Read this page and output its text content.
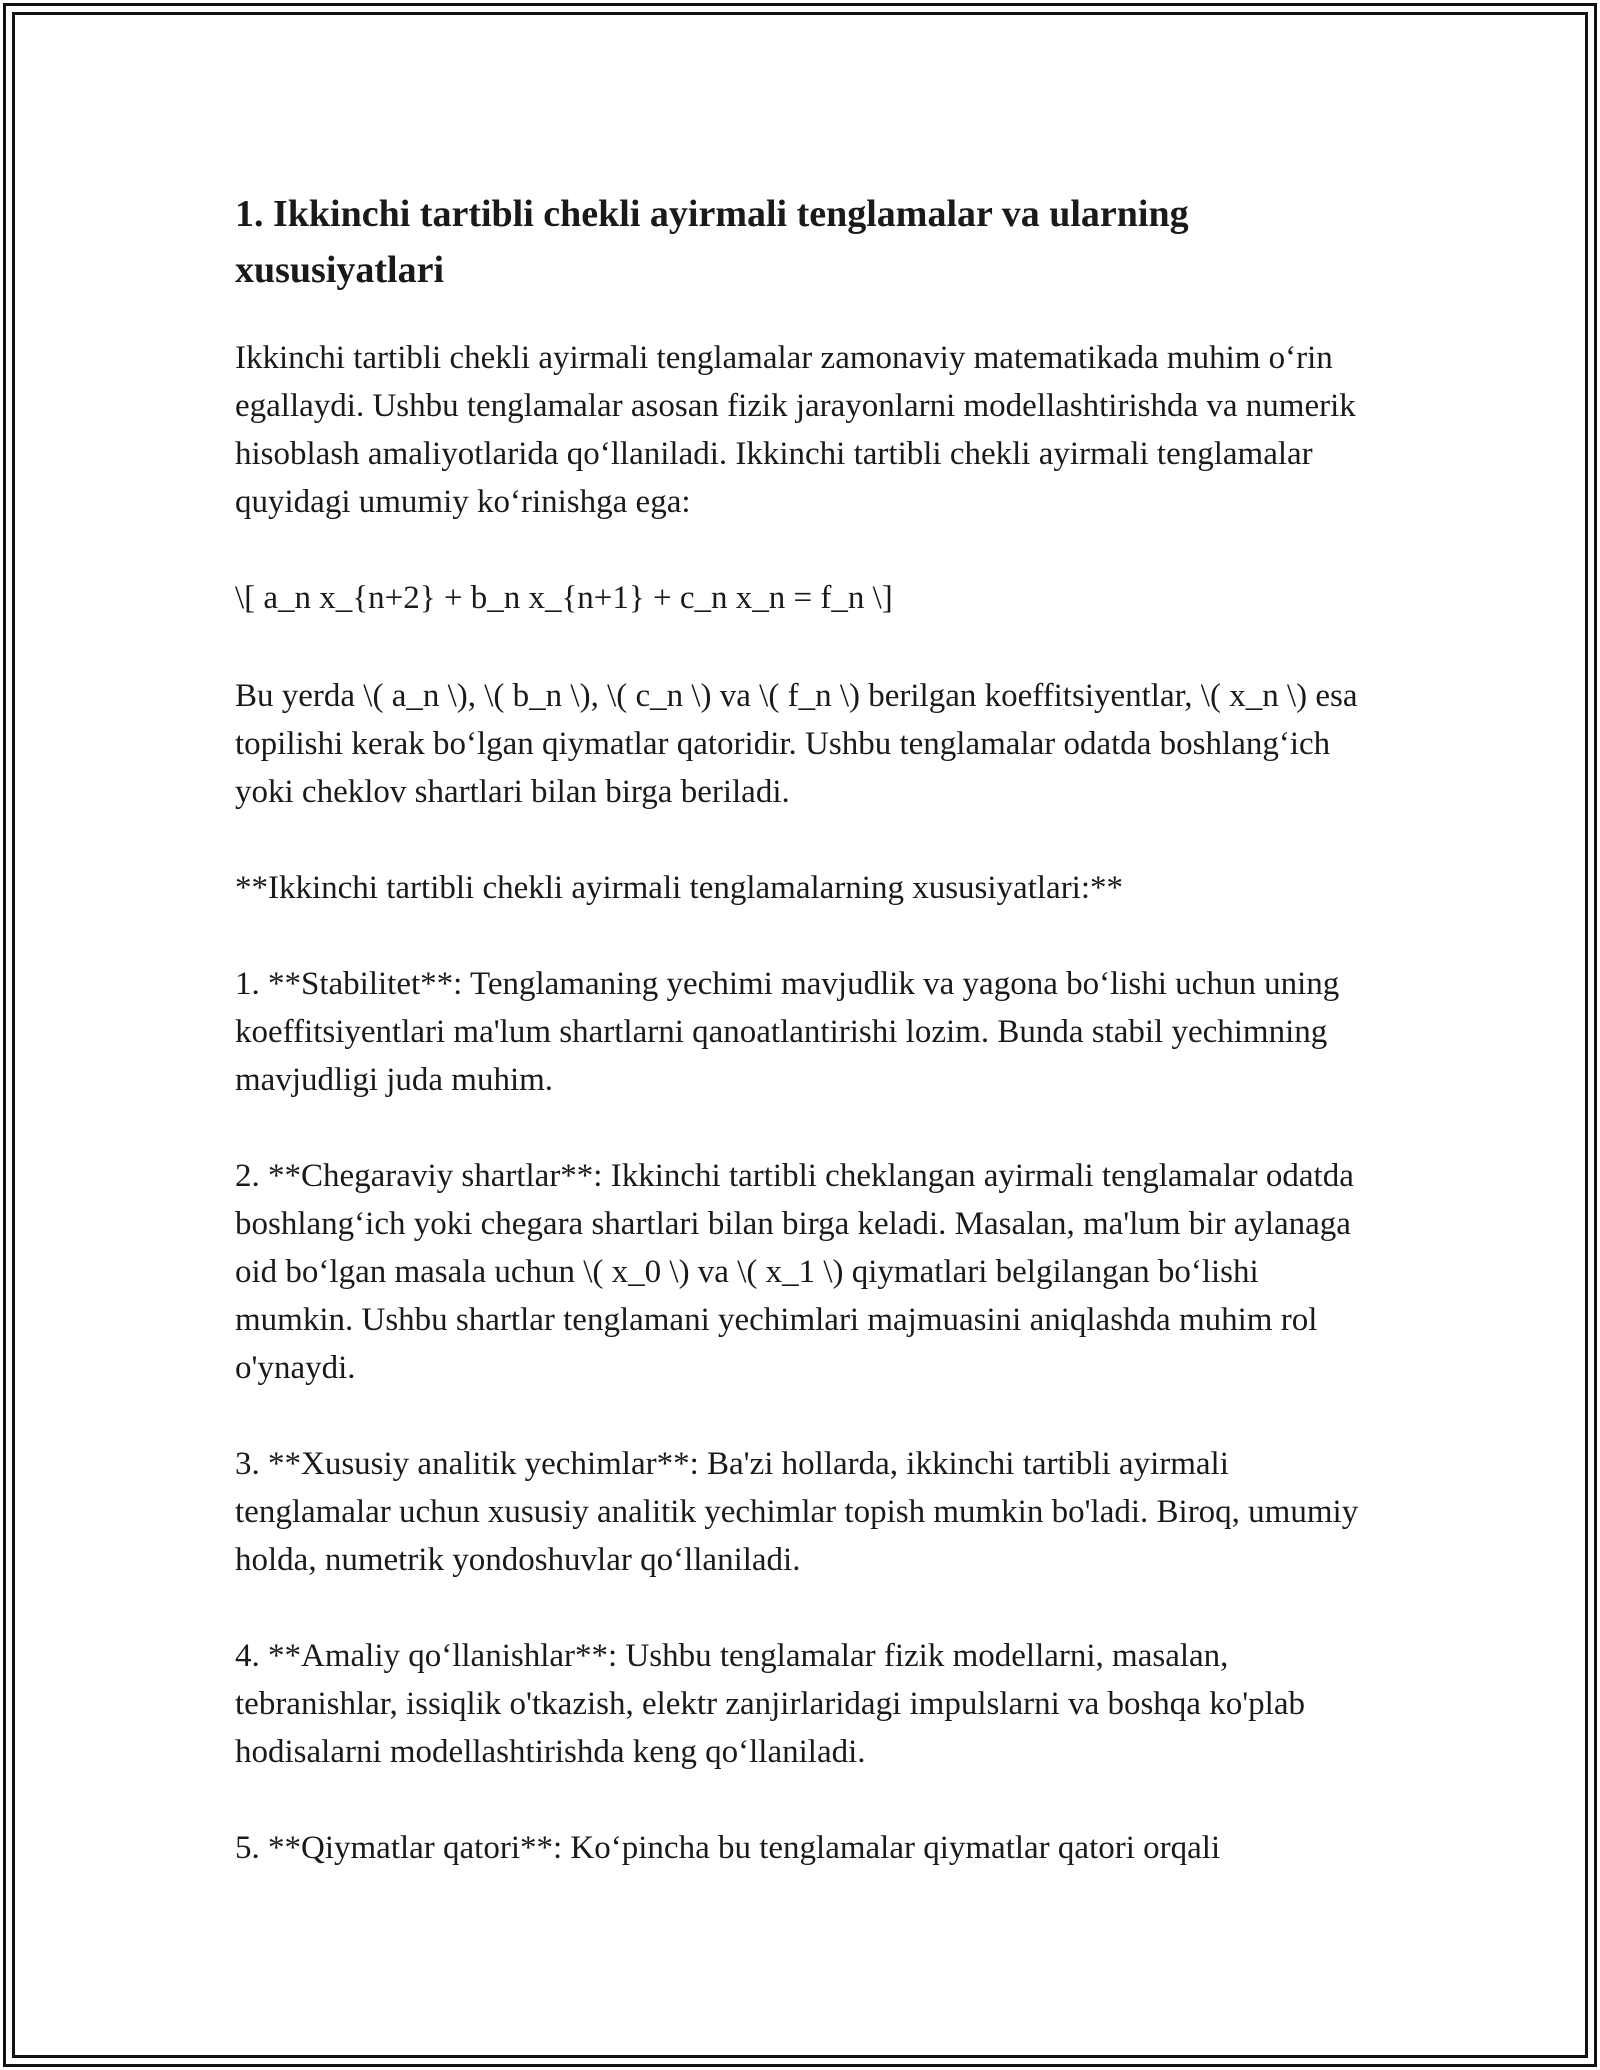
1. Ikkinchi tartibli chekli ayirmali tenglamalar va ularning xususiyatlari

Ikkinchi tartibli chekli ayirmali tenglamalar zamonaviy matematikada muhim o‘rin egallaydi. Ushbu tenglamalar asosan fizik jarayonlarni modellashtirishda va numerik hisoblash amaliyotlarida qo‘llaniladi. Ikkinchi tartibli chekli ayirmali tenglamalar quyidagi umumiy ko‘rinishga ega:

\[ a_n x_{n+2} + b_n x_{n+1} + c_n x_n = f_n \]

Bu yerda \( a_n \), \( b_n \), \( c_n \) va \( f_n \) berilgan koeffitsiyentlar, \( x_n \) esa topilishi kerak bo‘lgan qiymatlar qatoridir. Ushbu tenglamalar odatda boshlang‘ich yoki cheklov shartlari bilan birga beriladi.

**Ikkinchi tartibli chekli ayirmali tenglamalarning xususiyatlari:**

1. **Stabilitet**: Tenglamaning yechimi mavjudlik va yagona bo‘lishi uchun uning koeffitsiyentlari ma'lum shartlarni qanoatlantirishi lozim. Bunda stabil yechimning mavjudligi juda muhim.

2. **Chegaraviy shartlar**: Ikkinchi tartibli cheklangan ayirmali tenglamalar odatda boshlang‘ich yoki chegara shartlari bilan birga keladi. Masalan, ma'lum bir aylanaga oid bo‘lgan masala uchun \( x_0 \) va \( x_1 \) qiymatlari belgilangan bo‘lishi mumkin. Ushbu shartlar tenglamani yechimlari majmuasini aniqlashda muhim rol o'ynaydi.

3. **Xususiy analitik yechimlar**: Ba'zi hollarda, ikkinchi tartibli ayirmali tenglamalar uchun xususiy analitik yechimlar topish mumkin bo'ladi. Biroq, umumiy holda, numetrik yondoshuvlar qo‘llaniladi.

4. **Amaliy qo‘llanishlar**: Ushbu tenglamalar fizik modellarni, masalan, tebranishlar, issiqlik o'tkazish, elektr zanjirlaridagi impulslarni va boshqa ko'plab hodisalarni modellashtirishda keng qo‘llaniladi.

5. **Qiymatlar qatori**: Ko‘pincha bu tenglamalar qiymatlar qatori orqali
